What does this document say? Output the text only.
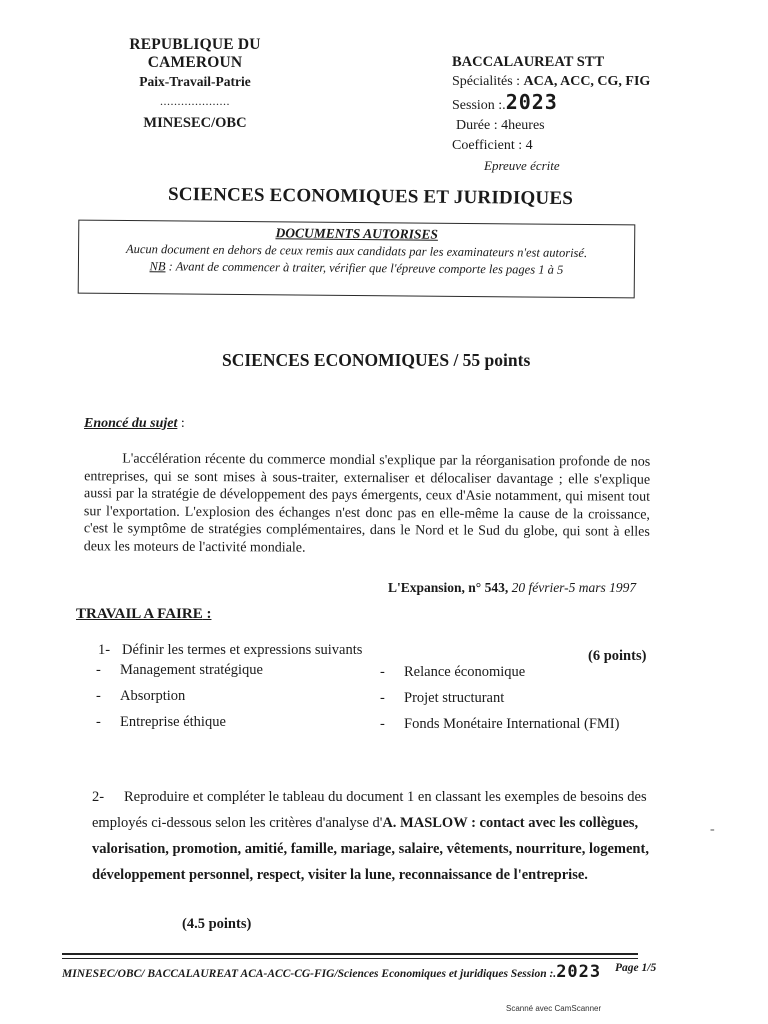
REPUBLIQUE DU CAMEROUN
Paix-Travail-Patrie
....................
MINESEC/OBC
BACCALAUREAT STT
Spécialités : ACA, ACC, CG, FIG
Session :.2023
Durée : 4heures
Coefficient : 4
Epreuve écrite
SCIENCES ECONOMIQUES ET JURIDIQUES
DOCUMENTS AUTORISES
Aucun document en dehors de ceux remis aux candidats par les examinateurs n'est autorisé.
NB : Avant de commencer à traiter, vérifier que l'épreuve comporte les pages 1 à 5
SCIENCES ECONOMIQUES / 55 points
Enoncé du sujet :
L'accélération récente du commerce mondial s'explique par la réorganisation profonde de nos entreprises, qui se sont mises à sous-traiter, externaliser et délocaliser davantage ; elle s'explique aussi par la stratégie de développement des pays émergents, ceux d'Asie notamment, qui misent tout sur l'exportation. L'explosion des échanges n'est donc pas en elle-même la cause de la croissance, c'est le symptôme de stratégies complémentaires, dans le Nord et le Sud du globe, qui sont à elles deux les moteurs de l'activité mondiale.
L'Expansion, n° 543, 20 février-5 mars 1997
TRAVAIL A FAIRE :
1- Définir les termes et expressions suivants	(6 points)
- Management stratégique
- Absorption
- Entreprise éthique
- Relance économique
- Projet structurant
- Fonds Monétaire International (FMI)
2- Reproduire et compléter le tableau du document 1 en classant les exemples de besoins des employés ci-dessous selon les critères d'analyse d'A. MASLOW : contact avec les collègues, valorisation, promotion, amitié, famille, mariage, salaire, vêtements, nourriture, logement, développement personnel, respect, visiter la lune, reconnaissance de l'entreprise.
(4.5 points)
-
MINESEC/OBC/ BACCALAUREAT ACA-ACC-CG-FIG/Sciences Economiques et juridiques Session :.2023	Page 1/5
Scanné avec CamScanner
